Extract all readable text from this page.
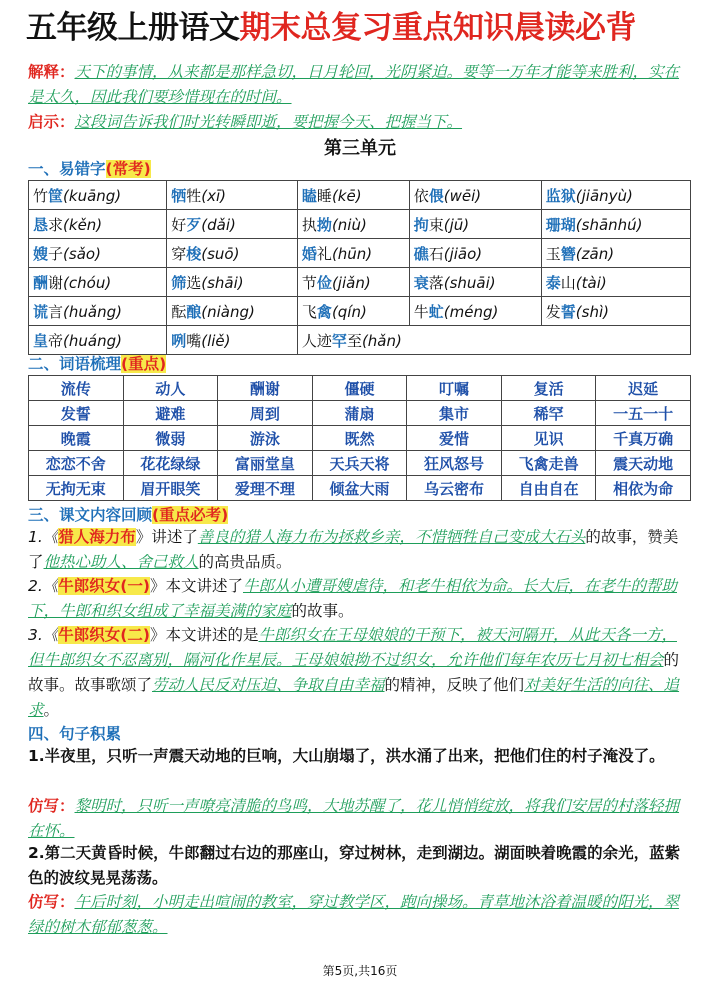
五年级上册语文期末总复习重点知识晨读必背
解释：天下的事情，从来都是那样急切，日月轮回，光阴紧迫。要等一万年才能等来胜利，实在是太久，因此我们要珍惜现在的时间。
启示：这段词告诉我们时光转瞬即逝，要把握今天、把握当下。
第三单元
一、易错字(常考)
竹筐(kuāng)	牺牲(xī)	瞌睡(kē)	依偎(wēi)	监狱(jiānyù)
恳求(kěn)	好歹(dǎi)	执拗(niù)	拘束(jū)	珊瑚(shānhú)
嫂子(sǎo)	穿梭(suō)	婚礼(hūn)	礁石(jiāo)	玉簪(zān)
酬谢(chóu)	筛选(shāi)	节俭(jiǎn)	衰落(shuāi)	泰山(tài)
谎言(huǎng)	酝酿(niàng)	飞禽(qín)	牛虻(méng)	发誓(shì)
皇帝(huáng)	咧嘴(liě)	人迹罕至(hǎn)		
二、词语梳理(重点)
流传	动人	酬谢	僵硬	叮嘱	复活	迟延
发誓	避难	周到	蒲扇	集市	稀罕	一五一十
晚霞	微弱	游泳	既然	爱惜	见识	千真万确
恋恋不舍	花花绿绿	富丽堂皇	天兵天将	狂风怒号	飞禽走兽	震天动地
无拘无束	眉开眼笑	爱理不理	倾盆大雨	乌云密布	自由自在	相依为命
三、课文内容回顾(重点必考)
1.《猎人海力布》讲述了善良的猎人海力布为拯救乡亲，不惜牺牲自己变成大石头的故事，赞美了他热心助人、舍己救人的高贵品质。
2.《牛郎织女(一)》本文讲述了牛郎从小遭哥嫂虐待，和老牛相依为命。长大后，在老牛的帮助下，牛郎和织女组成了幸福美满的家庭的故事。
3.《牛郎织女(二)》本文讲述的是牛郎织女在王母娘娘的干预下，被天河隔开，从此天各一方，但牛郎织女不忍离别，隔河化作星辰。王母娘娘拗不过织女，允许他们每年农历七月初七相会的故事。故事歌颂了劳动人民反对压迫、争取自由幸福的精神，反映了他们对美好生活的向往、追求。
四、句子积累
1.半夜里，只听一声震天动地的巨响，大山崩塌了，洪水涌了出来，把他们住的村子淹没了。
仿写：黎明时，只听一声嘹亮清脆的鸟鸣，大地苏醒了，花儿悄悄绽放，将我们安居的村落轻拥在怀。
2.第二天黄昏时候，牛郎翻过右边的那座山，穿过树林，走到湖边。湖面映着晚霞的余光，蓝紫色的波纹晃晃荡荡。
仿写：午后时刻，小明走出喧闹的教室，穿过教学区，跑向操场。青草地沐浴着温暖的阳光，翠绿的树木郁郁葱葱。
第5页,共16页
